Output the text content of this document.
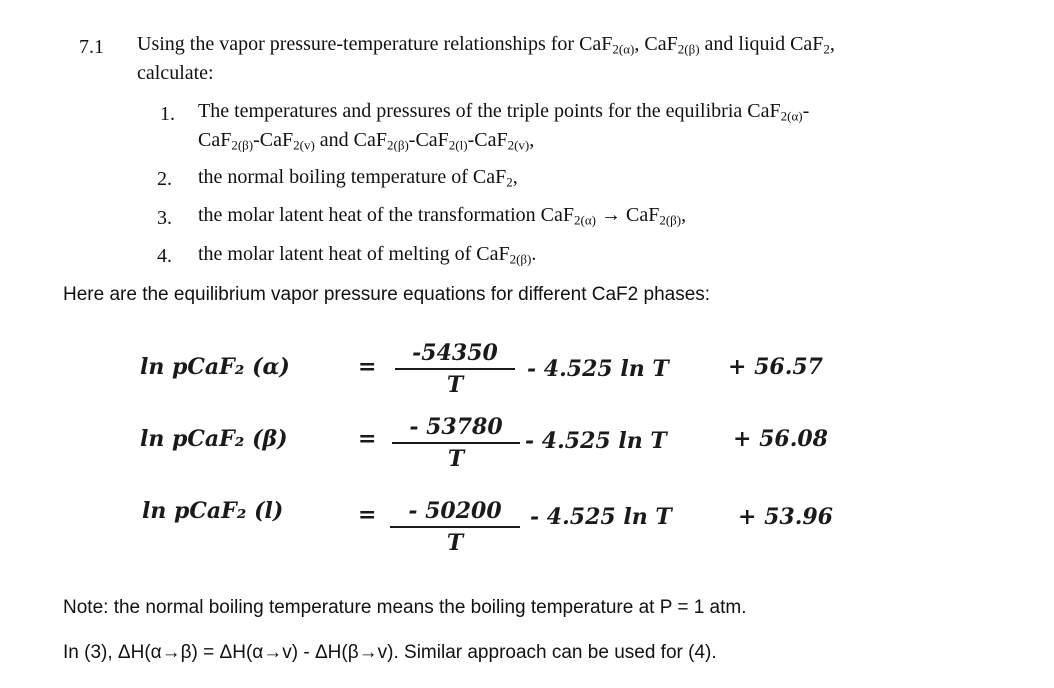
7.1 Using the vapor pressure-temperature relationships for CaF$_{2(\alpha)}$, CaF$_{2(\beta)}$ and liquid CaF$_2$,
calculate:
1. The temperatures and pressures of the triple points for the equilibria CaF$_{2(\alpha)}$-
CaF$_{2(\beta)}$-CaF$_{2(v)}$ and CaF$_{2(\beta)}$-CaF$_{2(l)}$-CaF$_{2(v)}$,
2. the normal boiling temperature of CaF$_2$,
3. the molar latent heat of the transformation CaF$_{2(\alpha)}$ → CaF$_{2(\beta)}$,
4. the molar latent heat of melting of CaF$_{2(\beta)}$.
Here are the equilibrium vapor pressure equations for different CaF2 phases:
ln pCaF₂ (α)	= $\frac{-54350}{T} - 4.525$ ln T	+ 56.57
ln pCaF₂ (β)	= $\frac{- 53780}{T} - 4.525$ ln T	+ 56.08
ln pCaF₂ (l)	= $\frac{- 50200}{T} - 4.525$ ln T	+ 53.96
Note: the normal boiling temperature means the boiling temperature at P = 1 atm.
In (3), ΔH(α→β) = ΔH(α→v) - ΔH(β→v). Similar approach can be used for (4).
